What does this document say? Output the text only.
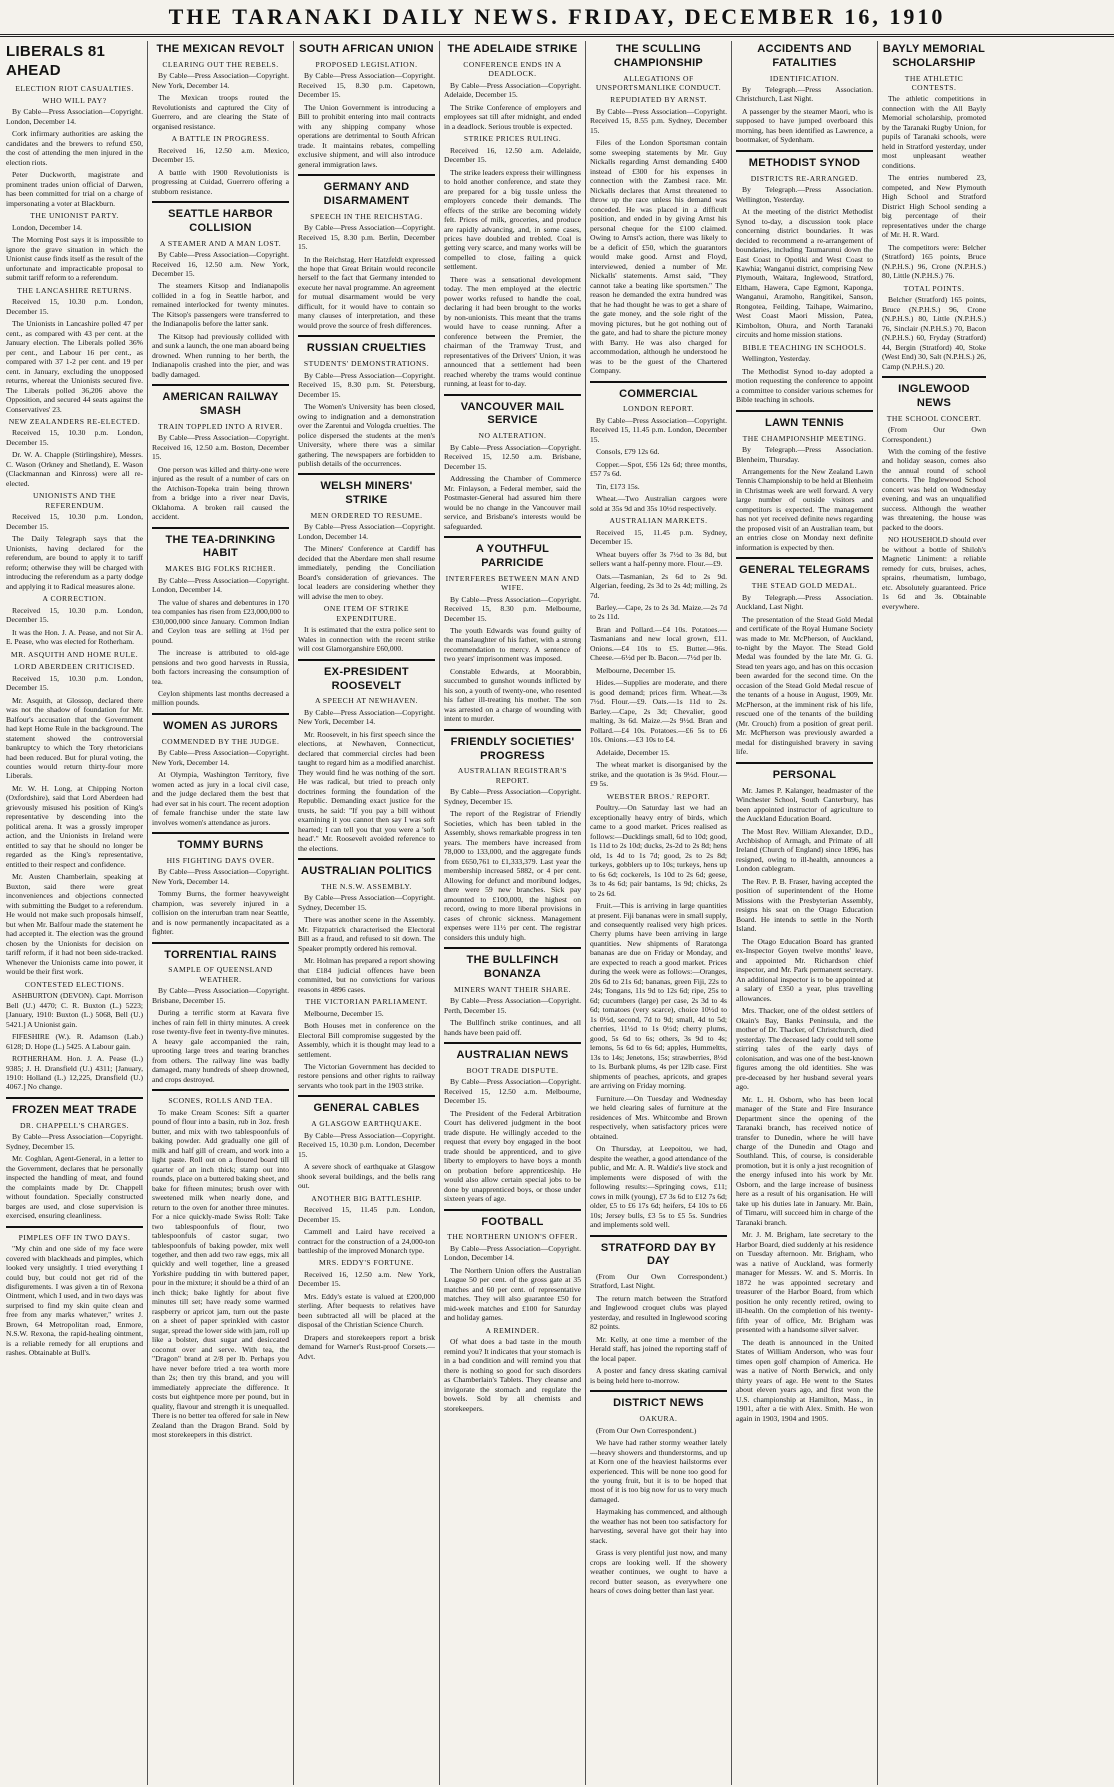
THE TARANAKI DAILY NEWS. FRIDAY, DECEMBER 16, 1910
LIBERALS 81 AHEAD
ELECTION RIOT CASUALTIES.
WHO WILL PAY?

By Cable—Press Association—Copyright. London, December 14.

Cork infirmary authorities are asking the candidates and the brewers to refund £50, the cost of attending the men injured in the election riots.

Peter Duckworth, magistrate and prominent trades union official of Darwen, has been committed for trial on a charge of impersonating a voter at Blackburn.

THE UNIONIST PARTY.

London, December 14.

The Morning Post says it is impossible to ignore the grave situation in which the Unionist cause finds itself as the result of the unfortunate and impracticable proposal to submit tariff reform to a referendum.

THE LANCASHIRE RETURNS.

Received 15, 10.30 p.m. London, December 15.

The Unionists in Lancashire polled 47 per cent., as compared with 43 per cent. at the January election. The Liberals polled 36% per cent., and Labour 16 per cent., as compared with 37 1-2 per cent. and 19 per cent. in January, excluding the unopposed returns, whereat the Unionists secured five. The Liberals polled 36,206 above the Opposition, and secured 44 seats against the Conservatives' 23.

NEW ZEALANDERS RE-ELECTED.

Received 15, 10.30 p.m. London, December 15.

Dr. W. A. Chapple (Stirlingshire), Messrs. C. Wason (Orkney and Shetland), E. Wason (Clackmannan and Kinross) were all re-elected.

UNIONISTS AND THE REFERENDUM.

Received 15, 10.30 p.m. London, December 15.

The Daily Telegraph says that the Unionists, having declared for the referendum, are bound to apply it to tariff reform; otherwise they will be charged with introducing the referendum as a party dodge and applying it to Radical measures alone.

A CORRECTION.

Received 15, 10.30 p.m. London, December 15.

It was the Hon. J. A. Pease, and not Sir A. E. Pease, who was elected for Rotherham.

MR. ASQUITH AND HOME RULE.
LORD ABERDEEN CRITICISED.

Received 15, 10.30 p.m. London, December 15.

Mr. Asquith, at Glossop, declared there was not the shadow of foundation for Mr. Balfour's accusation that the Government had kept Home Rule in the background. The statement showed the controversial bankruptcy to which the Tory rhetoricians had been reduced. But for plural voting, the counties would return thirty-four more Liberals.

Mr. W. H. Long, at Chipping Norton (Oxfordshire), said that Lord Aberdeen had grievously misused his position of King's representative by descending into the political arena. It was a grossly improper action, and the Unionists in Ireland were entitled to say that he should no longer be regarded as the King's representative, entitled to their respect and confidence.

Mr. Austen Chamberlain, speaking at Buxton, said there were great inconveniences and objections connected with submitting the Budget to a referendum. He would not make such proposals himself, but when Mr. Balfour made the statement he had accepted it. The election was the ground chosen by the Unionists for decision on tariff reform, if it had not been side-tracked. Whenever the Unionists came into power, it would be their first work.

CONTESTED ELECTIONS.

ASHBURTON (DEVON). Capt. Morrison Bell (U.) 4470; C. R. Buxton (L.) 5223; [January, 1910: Buxton (L.) 5068, Bell (U.) 5421.] A Unionist gain.

FIFESHIRE (W.). R. Adamson (Lab.) 6128; D. Hope (L.) 5425. A Labour gain.

ROTHERHAM. Hon. J. A. Pease (L.) 9385; J. H. Dransfield (U.) 4311; [January, 1910: Holland (L.) 12,225, Dransfield (U.) 4067.] No change.

FROZEN MEAT TRADE
DR. CHAPPELL'S CHARGES.

By Cable—Press Association—Copyright. Sydney, December 15.

Mr. Coghlan, Agent-General, in a letter to the Government, declares that he personally inspected the handling of meat, and found the complaints made by Dr. Chappell without foundation. Specially constructed barges are used, and close supervision is exercised, ensuring cleanliness.

PIMPLES OFF IN TWO DAYS.

"My chin and one side of my face were covered with blackheads and pimples, which looked very unsightly. I tried everything I could buy, but could not get rid of the disfigurements. I was given a tin of Rexona Ointment, which I used, and in two days was surprised to find my skin quite clean and free from any marks whatever," writes J. Brown, 64 Metropolitan road, Enmore, N.S.W. Rexona, the rapid-healing ointment, is a reliable remedy for all eruptions and rashes. Obtainable at Bull's.

THE MEXICAN REVOLT
CLEARING OUT THE REBELS.

By Cable—Press Association—Copyright. New York, December 14.

The Mexican troops routed the Revolutionists and captured the City of Guerrero, and are clearing the State of organised resistance.

A BATTLE IN PROGRESS.

Received 16, 12.50 a.m. Mexico, December 15.

A battle with 1900 Revolutionists is progressing at Cuidad, Guerrero offering a stubborn resistance.

SEATTLE HARBOR COLLISION
A STEAMER AND A MAN LOST.

By Cable—Press Association—Copyright. Received 16, 12.50 a.m. New York, December 15.

The steamers Kitsop and Indianapolis collided in a fog in Seattle harbor, and remained interlocked for twenty minutes. The Kitsop's passengers were transferred to the Indianapolis before the latter sank.

The Kitsop had previously collided with and sunk a launch, the one man aboard being drowned. When running to her berth, the Indianapolis crashed into the pier, and was badly damaged.

AMERICAN RAILWAY SMASH
TRAIN TOPPLED INTO A RIVER.

By Cable—Press Association—Copyright. Received 16, 12.50 a.m. Boston, December 15.

One person was killed and thirty-one were injured as the result of a number of cars on the Atchison-Topeka train being thrown from a bridge into a river near Davis, Oklahoma. A broken rail caused the accident.

THE TEA-DRINKING HABIT
MAKES BIG FOLKS RICHER.

By Cable—Press Association—Copyright. London, December 14.

The value of shares and debentures in 170 tea companies has risen from £23,000,000 to £30,000,000 since January. Common Indian and Ceylon teas are selling at 1½d per pound.

The increase is attributed to old-age pensions and two good harvests in Russia, both factors increasing the consumption of tea.

Ceylon shipments last months decreased a million pounds.

WOMEN AS JURORS
COMMENDED BY THE JUDGE.

By Cable—Press Association—Copyright. New York, December 14.

At Olympia, Washington Territory, five women acted as jury in a local civil case, and the judge declared them the best that had ever sat in his court. The recent adoption of female franchise under the state law involves women's attendance as jurors.

TOMMY BURNS
HIS FIGHTING DAYS OVER.

By Cable—Press Association—Copyright. New York, December 14.

Tommy Burns, the former heavyweight champion, was severely injured in a collision on the interurban tram near Seattle, and is now permanently incapacitated as a fighter.

TORRENTIAL RAINS
SAMPLE OF QUEENSLAND WEATHER.

By Cable—Press Association—Copyright. Brisbane, December 15.

During a terrific storm at Kavara five inches of rain fell in thirty minutes. A creek rose twenty-five feet in twenty-five minutes. A heavy gale accompanied the rain, uprooting large trees and tearing branches from others. The railway line was badly damaged, many hundreds of sheep drowned, and crops destroyed.

SCONES, ROLLS AND TEA.

To make Cream Scones: Sift a quarter pound of flour into a basin, rub in 3oz. fresh butter, and mix with two tablespoonfuls of baking powder. Add gradually one gill of milk and half gill of cream, and work into a light paste. Roll out on a floured board till quarter of an inch thick; stamp out into rounds, place on a buttered baking sheet, and bake for fifteen minutes; brush over with sweetened milk when nearly done, and return to the oven for another three minutes. For a nice quickly-made Swiss Roll: Take two tablespoonfuls of flour, two tablespoonfuls of castor sugar, two tablespoonfuls of baking powder, mix well together, and then add two raw eggs, mix all quickly and well together, line a greased Yorkshire pudding tin with buttered paper, pour in the mixture; it should be a third of an inch thick; bake lightly for about five minutes till set; have ready some warmed raspberry or apricot jam, turn out the paste on a sheet of paper sprinkled with castor sugar, spread the lower side with jam, roll up like a bolster, dust sugar and desiccated coconut over and serve. With tea, the "Dragon" brand at 2/8 per lb. Perhaps you have never before tried a tea worth more than 2s; then try this brand, and you will immediately appreciate the difference. It costs but eightpence more per pound, but in quality, flavour and strength it is unequalled. There is no better tea offered for sale in New Zealand than the Dragon Brand. Sold by most storekeepers in this district.

SOUTH AFRICAN UNION
PROPOSED LEGISLATION.

By Cable—Press Association—Copyright. Received 15, 8.30 p.m. Capetown, December 15.

The Union Government is introducing a Bill to prohibit entering into mail contracts with any shipping company whose operations are detrimental to South African trade. It maintains rebates, compelling exclusive shipment, and will also introduce general immigration laws.

GERMANY AND DISARMAMENT
SPEECH IN THE REICHSTAG.

By Cable—Press Association—Copyright. Received 15, 8.30 p.m. Berlin, December 15.

In the Reichstag, Herr Hatzfeldt expressed the hope that Great Britain would reconcile herself to the fact that Germany intended to execute her naval programme. An agreement for mutual disarmament would be very difficult, for it would have to contain so many clauses of interpretation, and these would prove the source of fresh differences.

RUSSIAN CRUELTIES
STUDENTS' DEMONSTRATIONS.

By Cable—Press Association—Copyright. Received 15, 8.30 p.m. St. Petersburg, December 15.

The Women's University has been closed, owing to indignation and a demonstration over the Zarentui and Vologda cruelties. The police dispersed the students at the men's University, where there was a similar gathering. The newspapers are forbidden to publish details of the occurrences.

WELSH MINERS' STRIKE
MEN ORDERED TO RESUME.

By Cable—Press Association—Copyright. London, December 14.

The Miners' Conference at Cardiff has decided that the Aberdare men shall resume immediately, pending the Conciliation Board's consideration of grievances. The local leaders are considering whether they will advise the men to obey.

ONE ITEM OF STRIKE EXPENDITURE.

It is estimated that the extra police sent to Wales in connection with the recent strike will cost Glamorganshire £60,000.

EX-PRESIDENT ROOSEVELT
A SPEECH AT NEWHAVEN.

By Cable—Press Association—Copyright. New York, December 14.

Mr. Roosevelt, in his first speech since the elections, at Newhaven, Connecticut, declared that commercial circles had been taught to regard him as a modified anarchist. They would find he was nothing of the sort. He was radical, but tried to preach only doctrines forming the foundation of the Republic. Demanding exact justice for the trusts, he said: "If you pay a bill without examining it you cannot then say I was soft hearted; I can tell you that you were a 'soft head'." Mr. Roosevelt avoided reference to the elections.

AUSTRALIAN POLITICS
THE N.S.W. ASSEMBLY.

By Cable—Press Association—Copyright. Sydney, December 15.

There was another scene in the Assembly. Mr. Fitzpatrick characterised the Electoral Bill as a fraud, and refused to sit down. The Speaker promptly ordered his removal.

Mr. Holman has prepared a report showing that £184 judicial offences have been committed, but no convictions for various reasons in 4896 cases.

THE VICTORIAN PARLIAMENT.

Melbourne, December 15.

Both Houses met in conference on the Electoral Bill compromise suggested by the Assembly, which it is thought may lead to a settlement.

The Victorian Government has decided to restore pensions and other rights to railway servants who took part in the 1903 strike.

GENERAL CABLES
A GLASGOW EARTHQUAKE.

By Cable—Press Association—Copyright. Received 15, 10.30 p.m. London, December 15.

A severe shock of earthquake at Glasgow shook several buildings, and the bells rang out.

ANOTHER BIG BATTLESHIP.

Received 15, 11.45 p.m. London, December 15.

Cammell and Laird have received a contract for the construction of a 24,000-ton battleship of the improved Monarch type.

MRS. EDDY'S FORTUNE.

Received 16, 12.50 a.m. New York, December 15.

Mrs. Eddy's estate is valued at £200,000 sterling. After bequests to relatives have been subtracted all will be placed at the disposal of the Christian Science Church.

Drapers and storekeepers report a brisk demand for Warner's Rust-proof Corsets.—Advt.

THE ADELAIDE STRIKE
CONFERENCE ENDS IN A DEADLOCK.

By Cable—Press Association—Copyright. Adelaide, December 15.

The Strike Conference of employers and employees sat till after midnight, and ended in a deadlock. Serious trouble is expected.

STRIKE PRICES RULING.

Received 16, 12.50 a.m. Adelaide, December 15.

The strike leaders express their willingness to hold another conference, and state they are prepared for a big tussle unless the employers concede their demands. The effects of the strike are becoming widely felt. Prices of milk, groceries, and produce are rapidly advancing, and, in some cases, prices have doubled and trebled. Coal is getting very scarce, and many works will be compelled to close, failing a quick settlement.

There was a sensational development today. The men employed at the electric power works refused to handle the coal, declaring it had been brought to the works by non-unionists. This meant that the trams would have to cease running. After a conference between the Premier, the chairman of the Tramway Trust, and representatives of the Drivers' Union, it was announced that a settlement had been reached whereby the trams would continue running, at least for to-day.

VANCOUVER MAIL SERVICE
NO ALTERATION.

By Cable—Press Association—Copyright. Received 15, 12.50 a.m. Brisbane, December 15.

Addressing the Chamber of Commerce Mr. Finlayson, a Federal member, said the Postmaster-General had assured him there would be no change in the Vancouver mail service, and Brisbane's interests would be safeguarded.

A YOUTHFUL PARRICIDE
INTERFERES BETWEEN MAN AND WIFE.

By Cable—Press Association—Copyright. Received 15, 8.30 p.m. Melbourne, December 15.

The youth Edwards was found guilty of the manslaughter of his father, with a strong recommendation to mercy. A sentence of two years' imprisonment was imposed.

Constable Edwards, at Moorabbin, succumbed to gunshot wounds inflicted by his son, a youth of twenty-one, who resented his father ill-treating his mother. The son was arrested on a charge of wounding with intent to murder.

FRIENDLY SOCIETIES' PROGRESS
AUSTRALIAN REGISTRAR'S REPORT.

By Cable—Press Association—Copyright. Sydney, December 15.

The report of the Registrar of Friendly Societies, which has been tabled in the Assembly, shows remarkable progress in ten years. The members have increased from 78,000 to 133,000, and the aggregate funds from £650,761 to £1,333,379. Last year the membership increased 5882, or 4 per cent. Allowing for defunct and moribund lodges, there were 59 new branches. Sick pay amounted to £100,000, the highest on record, owing to more liberal provisions in cases of chronic sickness. Management expenses were 11½ per cent. The registrar considers this unduly high.

THE BULLFINCH BONANZA
MINERS WANT THEIR SHARE.

By Cable—Press Association—Copyright. Perth, December 15.

The Bullfinch strike continues, and all hands have been paid off.

AUSTRALIAN NEWS
BOOT TRADE DISPUTE.

By Cable—Press Association—Copyright. Received 15, 12.50 a.m. Melbourne, December 15.

The President of the Federal Arbitration Court has delivered judgment in the boot trade dispute. He willingly acceded to the request that every boy engaged in the boot trade should be apprenticed, and to give liberty to employers to have boys a month on probation before apprenticeship. He would also allow certain special jobs to be done by unapprenticed boys, or those under sixteen years of age.

FOOTBALL
THE NORTHERN UNION'S OFFER.

By Cable—Press Association—Copyright. London, December 14.

The Northern Union offers the Australian League 50 per cent. of the gross gate at 35 matches and 60 per cent. of representative matches. They will also guarantee £50 for mid-week matches and £100 for Saturday and holiday games.

A REMINDER.

Of what does a bad taste in the mouth remind you? It indicates that your stomach is in a bad condition and will remind you that there is nothing so good for such disorders as Chamberlain's Tablets. They cleanse and invigorate the stomach and regulate the bowels. Sold by all chemists and storekeepers.

THE SCULLING CHAMPIONSHIP
ALLEGATIONS OF UNSPORTSMANLIKE CONDUCT.
REPUDIATED BY ARNST.

By Cable—Press Association—Copyright. Received 15, 8.55 p.m. Sydney, December 15.

Files of the London Sportsman contain some sweeping statements by Mr. Guy Nickalls regarding Arnst demanding £400 instead of £300 for his expenses in connection with the Zambesi race. Mr. Nickalls declares that Arnst threatened to throw up the race unless his demand was conceded. He was placed in a difficult position, and ended in by giving Arnst his personal cheque for the £100 claimed. Owing to Arnst's action, there was likely to be a deficit of £50, which the guarantors would make good. Arnst and Floyd, interviewed, denied a number of Mr. Nickalls' statements. Arnst said, "They cannot take a beating like sportsmen." The reason he demanded the extra hundred was that he had thought he was to get a share of the gate money, and the sole right of the moving pictures, but he got nothing out of the gate, and had to share the picture money with Barry. He was also charged for accommodation, although he understood he was to be the guest of the Chartered Company.

COMMERCIAL
LONDON REPORT.

By Cable—Press Association—Copyright. Received 15, 11.45 p.m. London, December 15.

Consols, £79 12s 6d.

Copper.—Spot, £56 12s 6d; three months, £57 7s 6d.

Tin, £173 15s.

Wheat.—Two Australian cargoes were sold at 35s 9d and 35s 10½d respectively.

AUSTRALIAN MARKETS.

Received 15, 11.45 p.m. Sydney, December 15.

Wheat buyers offer 3s 7½d to 3s 8d, but sellers want a half-penny more. Flour.—£9.

Oats.—Tasmanian, 2s 6d to 2s 9d. Algerian, feeding, 2s 3d to 2s 4d; milling, 2s 7d.

Barley.—Cape, 2s to 2s 3d. Maize.—2s 7d to 2s 11d.

Bran and Pollard.—£4 10s. Potatoes.—Tasmanians and new local grown, £11. Onions.—£4 10s to £5. Butter.—96s. Cheese.—6½d per lb. Bacon.—7½d per lb.

Melbourne, December 15.

Hides.—Supplies are moderate, and there is good demand; prices firm. Wheat.—3s 7½d. Flour.—£9. Oats.—1s 11d to 2s. Barley.—Cape, 2s 3d; Chevalier, good malting, 3s 6d. Maize.—2s 9½d. Bran and Pollard.—£4 10s. Potatoes.—£6 5s to £6 10s. Onions.—£3 10s to £4.

Adelaide, December 15.

The wheat market is disorganised by the strike, and the quotation is 3s 9½d. Flour.—£9 5s.

WEBSTER BROS.' REPORT.

Poultry.—On Saturday last we had an exceptionally heavy entry of birds, which came to a good market. Prices realised as follows:—Ducklings small, 6d to 10d; good, 1s 11d to 2s 10d; ducks, 2s-2d to 2s 8d; hens old, 1s 4d to 1s 7d; good, 2s to 2s 8d; turkeys, gobblers up to 10s; turkeys, hens up to 6s 6d; cockerels, 1s 10d to 2s 6d; geese, 3s to 4s 6d; pair bantams, 1s 9d; chicks, 2s to 2s 6d.

Fruit.—This is arriving in large quantities at present. Fiji bananas were in small supply, and consequently realised very high prices. Cherry plums have been arriving in large quantities. New shipments of Raratonga bananas are due on Friday or Monday, and are expected to reach a good market. Prices during the week were as follows:—Oranges, 20s 6d to 21s 6d; bananas, green Fiji, 22s to 24s; Tongans, 11s 9d to 12s 6d; ripe, 25s to 6d; cucumbers (large) per case, 2s 3d to 4s 6d; tomatoes (very scarce), choice 10½d to 1s 0½d, second, 7d to 9d; small, 4d to 5d; cherries, 11½d to 1s 0½d; cherry plums, good, 5s 6d to 6s; others, 3s 9d to 4s; lemons, 5s 6d to 6s 6d; apples, Hummeltts, 13s to 14s; Jenetons, 15s; strawberries, 8½d to 1s. Burbank plums, 4s per 12lb case. First shipments of peaches, apricots, and grapes are arriving on Friday morning.

Furniture.—On Tuesday and Wednesday we held clearing sales of furniture at the residences of Mrs. Whitcombe and Brown respectively, when satisfactory prices were obtained.

On Thursday, at Leepoitou, we had, despite the weather, a good attendance of the public, and Mr. A. R. Waldie's live stock and implements were disposed of with the following results:—Springing cows, £11; cows in milk (young), £7 3s 6d to £12 7s 6d; older, £5 to £6 17s 6d; heifers, £4 10s to £6 10s; Jersey bulls, £3 5s to £5 5s. Sundries and implements sold well.

STRATFORD DAY BY DAY

(From Our Own Correspondent.) Stratford, Last Night.

The return match between the Stratford and Inglewood croquet clubs was played yesterday, and resulted in Inglewood scoring 82 points.

Mr. Kelly, at one time a member of the Herald staff, has joined the reporting staff of the local paper.

A poster and fancy dress skating carnival is being held here to-morrow.

DISTRICT NEWS
OAKURA.

(From Our Own Correspondent.)

We have had rather stormy weather lately—heavy showers and thunderstorms, and up at Korn one of the heaviest hailstorms ever experienced. This will be none too good for the young fruit, but it is to be hoped that most of it is too big now for us to very much damaged.

Haymaking has commenced, and although the weather has not been too satisfactory for harvesting, several have got their hay into stack.

Grass is very plentiful just now, and many crops are looking well. If the showery weather continues, we ought to have a record butter season, as everywhere one hears of cows doing better than last year.

ACCIDENTS AND FATALITIES
IDENTIFICATION.

By Telegraph.—Press Association. Christchurch, Last Night.

A passenger by the steamer Maori, who is supposed to have jumped overboard this morning, has been identified as Lawrence, a bootmaker, of Sydenham.

METHODIST SYNOD
DISTRICTS RE-ARRANGED.

By Telegraph.—Press Association. Wellington, Yesterday.

At the meeting of the district Methodist Synod to-day, a discussion took place concerning district boundaries. It was decided to recommend a re-arrangement of boundaries, including Taumarunui down the East Coast to Opotiki and West Coast to Kawhia; Wanganui district, comprising New Plymouth, Waitara, Inglewood, Stratford, Eltham, Hawera, Cape Egmont, Kaponga, Wanganui, Aramoho, Rangitikei, Sanson, Rongotea, Feilding, Taihape, Waimarino, West Coast Maori Mission, Patea, Kimbolton, Ohura, and North Taranaki circuits and home mission stations.

BIBLE TEACHING IN SCHOOLS.

Wellington, Yesterday.

The Methodist Synod to-day adopted a motion requesting the conference to appoint a committee to consider various schemes for Bible teaching in schools.

LAWN TENNIS
THE CHAMPIONSHIP MEETING.

By Telegraph.—Press Association. Blenheim, Thursday.

Arrangements for the New Zealand Lawn Tennis Championship to be held at Blenheim in Christmas week are well forward. A very large number of outside visitors and competitors is expected. The management has not yet received definite news regarding the proposed visit of an Australian team, but an entries close on Monday next definite information is expected by then.

GENERAL TELEGRAMS
THE STEAD GOLD MEDAL.

By Telegraph.—Press Association. Auckland, Last Night.

The presentation of the Stead Gold Medal and certificate of the Royal Humane Society was made to Mr. McPherson, of Auckland, to-night by the Mayor. The Stead Gold Medal was founded by the late Mr. G. G. Stead ten years ago, and has on this occasion been awarded for the second time. On the occasion of the Stead Gold Medal rescue of the tenants of a house in August, 1909, Mr. McPherson, at the imminent risk of his life, rescued one of the tenants of the building (Mr. Crouch) from a position of great peril. Mr. McPherson was previously awarded a medal for distinguished bravery in saving life.

PERSONAL

Mr. James P. Kalanger, headmaster of the Winchester School, South Canterbury, has been appointed instructor of agriculture to the Auckland Education Board.

The Most Rev. William Alexander, D.D., Archbishop of Armagh, and Primate of all Ireland (Church of England) since 1896, has resigned, owing to ill-health, announces a London cablegram.

The Rev. P. B. Fraser, having accepted the position of superintendent of the Home Missions with the Presbyterian Assembly, resigns his seat on the Otago Education Board. He intends to settle in the North Island.

The Otago Education Board has granted ex-Inspector Goyen twelve months' leave, and appointed Mr. Richardson chief inspector, and Mr. Park permanent secretary. An additional inspector is to be appointed at a salary of £350 a year, plus travelling allowances.

Mrs. Thacker, one of the oldest settlers of Okain's Bay, Banks Peninsula, and the mother of Dr. Thacker, of Christchurch, died yesterday. The deceased lady could tell some stirring tales of the early days of colonisation, and was one of the best-known figures among the old identities. She was pre-deceased by her husband several years ago.

Mr. L. H. Osborn, who has been local manager of the State and Fire Insurance Department since the opening of the Taranaki branch, has received notice of transfer to Dunedin, where he will have charge of the Dunedin and Otago and Southland. This, of course, is considerable promotion, but it is only a just recognition of the energy infused into his work by Mr. Osborn, and the large increase of business here as a result of his organisation. He will take up his duties late in January. Mr. Bain, of Timaru, will succeed him in charge of the Taranaki branch.

Mr. J. M. Brigham, late secretary to the Harbor Board, died suddenly at his residence on Tuesday afternoon. Mr. Brigham, who was a native of Auckland, was formerly manager for Messrs. W. and S. Morris. In 1872 he was appointed secretary and treasurer of the Harbor Board, from which position he only recently retired, owing to ill-health. On the completion of his twenty-fifth year of office, Mr. Brigham was presented with a handsome silver salver.

The death is announced in the United States of William Anderson, who was four times open golf champion of America. He was a native of North Berwick, and only thirty years of age. He went to the States about eleven years ago, and first won the U.S. championship at Hamilton, Mass., in 1901, after a tie with Alex. Smith. He won again in 1903, 1904 and 1905.

BAYLY MEMORIAL SCHOLARSHIP
THE ATHLETIC CONTESTS.

The athletic competitions in connection with the All Bayly Memorial scholarship, promoted by the Taranaki Rugby Union, for pupils of Taranaki schools, were held in Stratford yesterday, under most unpleasant weather conditions.

The entries numbered 23, competed, and New Plymouth High School and Stratford District High School sending a big percentage of their representatives under the charge of Mr. H. R. Ward.

The competitors were: Belcher (Stratford) 165 points, Bruce (N.P.H.S.) 96, Crone (N.P.H.S.) 80, Little (N.P.H.S.) 76.

TOTAL POINTS.

Belcher (Stratford) 165 points, Bruce (N.P.H.S.) 96, Crone (N.P.H.S.) 80, Little (N.P.H.S.) 76, Sinclair (N.P.H.S.) 70, Bacon (N.P.H.S.) 60, Fryday (Stratford) 44, Bergin (Stratford) 40, Stoke (West End) 30, Salt (N.P.H.S.) 26, Camp (N.P.H.S.) 20.

INGLEWOOD NEWS
THE SCHOOL CONCERT.

(From Our Own Correspondent.)

With the coming of the festive and holiday season, comes also the annual round of school concerts. The Inglewood School concert was held on Wednesday evening, and was an unqualified success. Although the weather was threatening, the house was packed to the doors.

NO HOUSEHOLD should ever be without a bottle of Shiloh's Magnetic Liniment: a reliable remedy for cuts, bruises, aches, sprains, rheumatism, lumbago, etc. Absolutely guaranteed. Price 1s 6d and 3s. Obtainable everywhere.
